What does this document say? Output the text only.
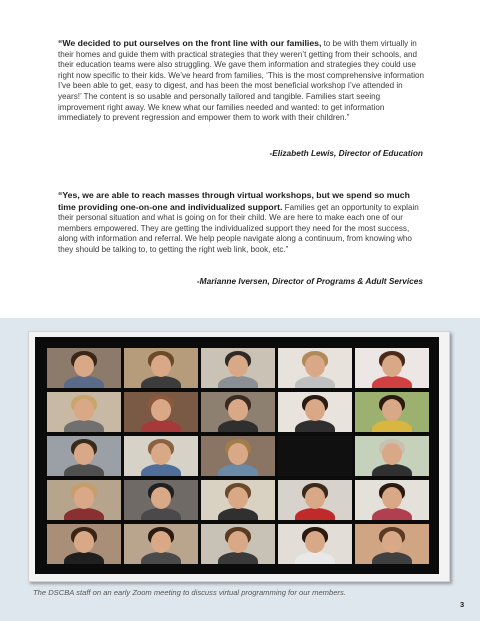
“We decided to put ourselves on the front line with our families, to be with them virtually in their homes and guide them with practical strategies that they weren’t getting from their schools, and their education teams were also struggling. We gave them information and strategies they could use right now specific to their kids. We’ve heard from families, ‘This is the most comprehensive information I’ve been able to get, easy to digest, and has been the most beneficial workshop I’ve attended in years!’ The content is so usable and personally tailored and tangible. Families start seeing improvement right away. We knew what our families needed and wanted: to get information immediately to prevent regression and empower them to work with their children.”

-Elizabeth Lewis, Director of Education

“Yes, we are able to reach masses through virtual workshops, but we spend so much time providing one-on-one and individualized support. Families get an opportunity to explain their personal situation and what is going on for their child. We are here to make each one of our members empowered. They are getting the individualized support they need for the most success, along with information and referral. We help people navigate along a continuum, from knowing who they should be talking to, to getting the right web link, book, etc.”

-Marianne Iversen, Director of Programs & Adult Services

The DSCBA staff on an early Zoom meeting to discuss virtual programming for our members.

3
